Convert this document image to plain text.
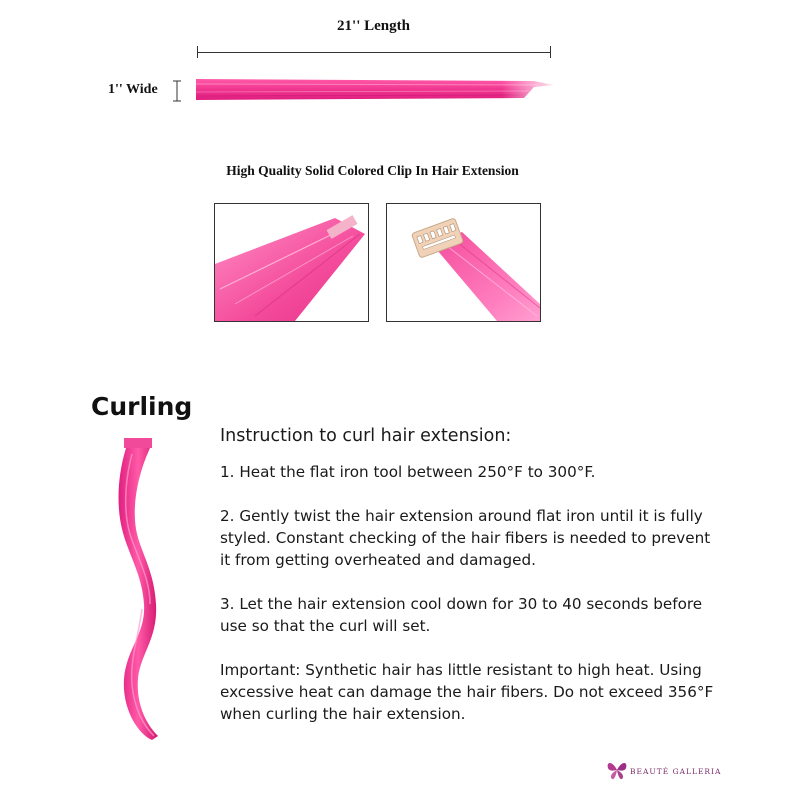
21'' Length
1'' Wide
High Quality Solid Colored Clip In Hair Extension
Curling

Instruction to curl hair extension:

1. Heat the flat iron tool between 250°F to 300°F.

2. Gently twist the hair extension around flat iron until it is fully styled. Constant checking of the hair fibers is needed to prevent it from getting overheated and damaged.

3. Let the hair extension cool down for 30 to 40 seconds before use so that the curl will set.

Important: Synthetic hair has little resistant to high heat. Using excessive heat can damage the hair fibers. Do not exceed 356°F when curling the hair extension.

BEAUTÉ GALLERIA
